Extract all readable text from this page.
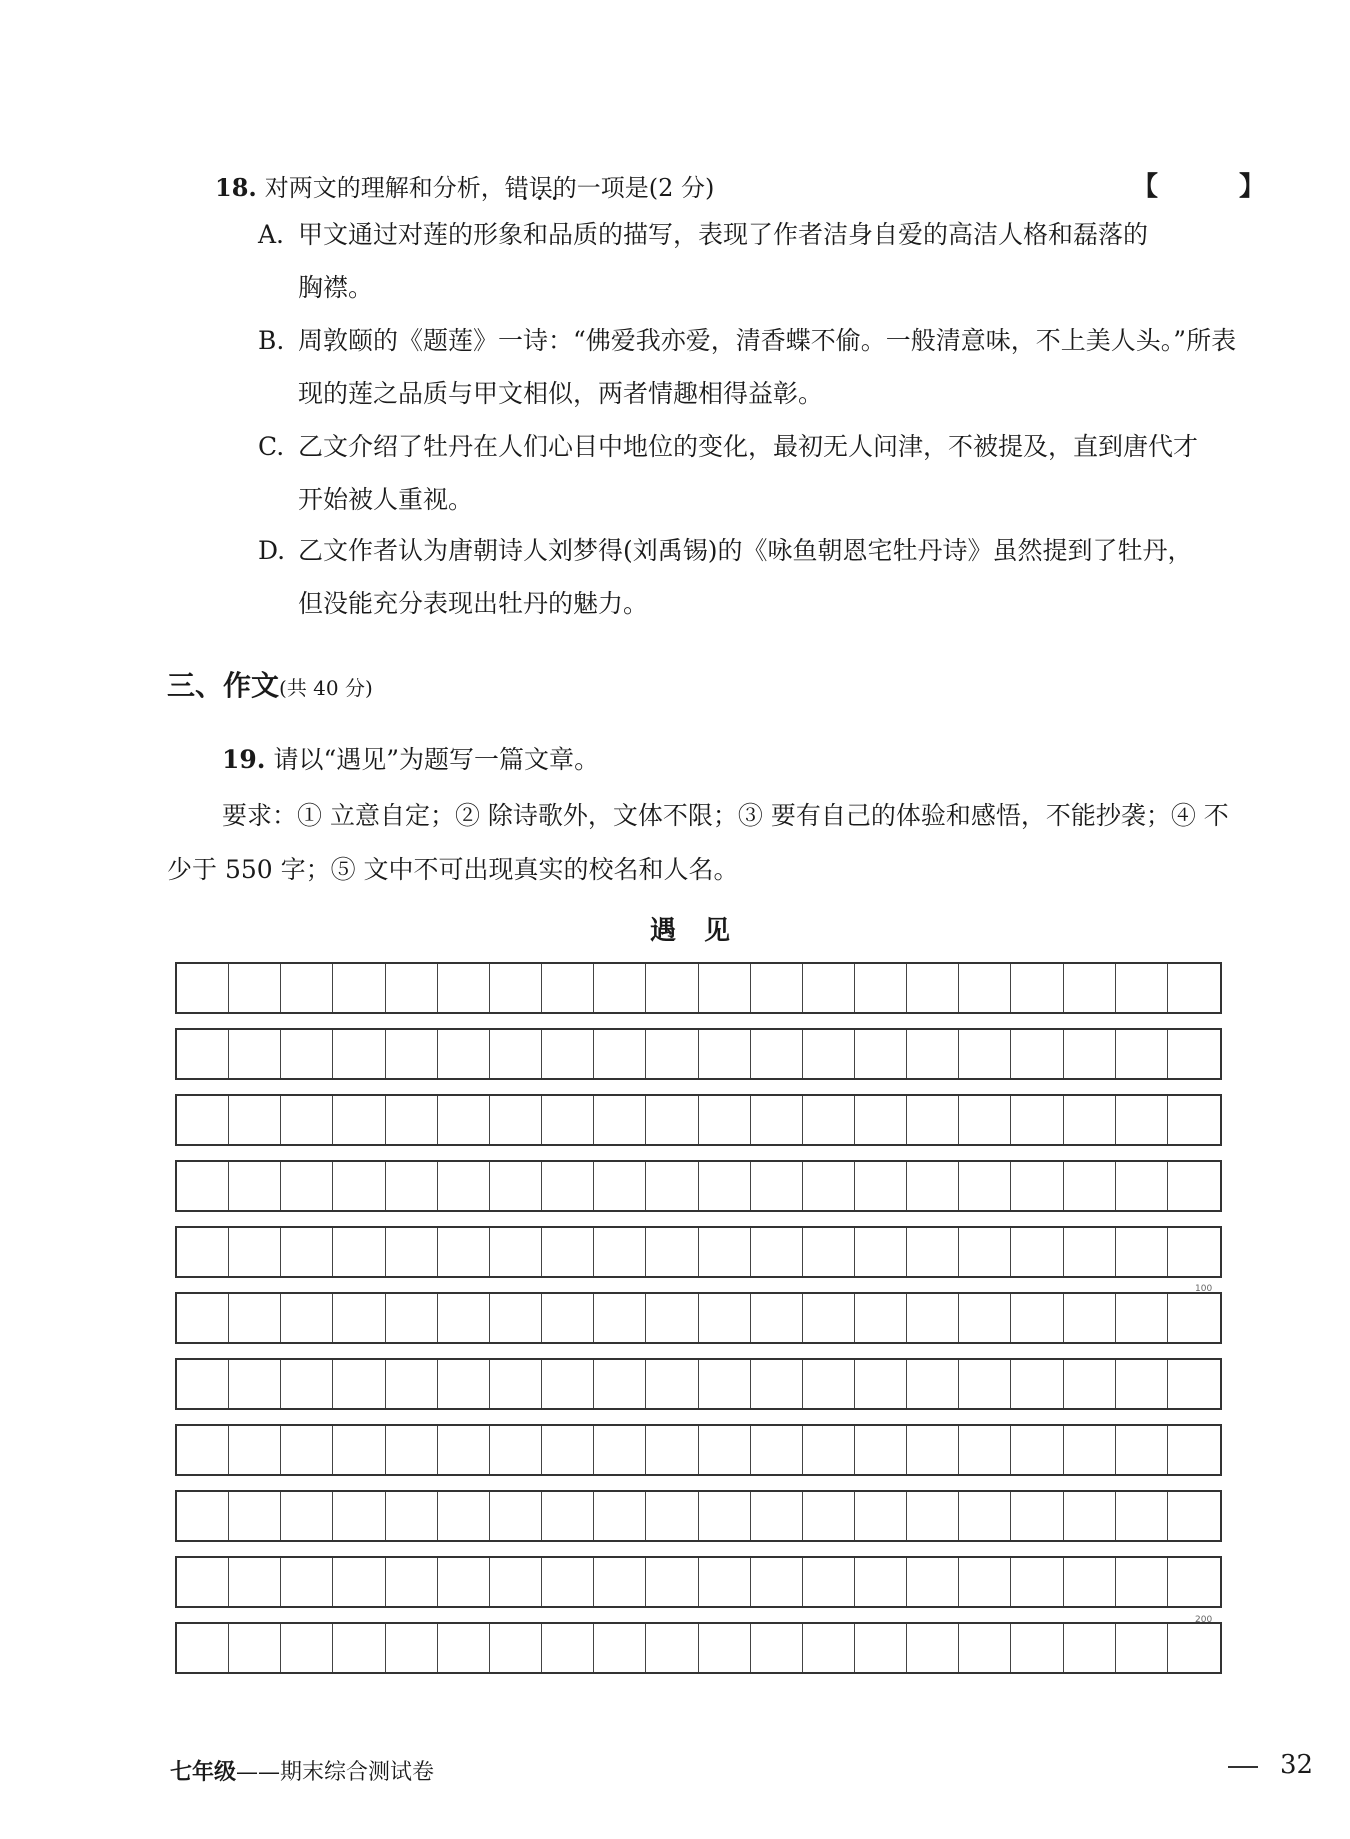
18. 对两文的理解和分析，错误的 • • •一项是(2 分)	【 】
A. 甲文通过对莲的形象和品质的描写，表现了作者洁身自爱的高洁人格和磊落的
胸襟。
B. 周敦颐的《题莲》一诗：“佛爱我亦爱，清香蝶不偷。一般清意味，不上美人头。”所表
现的莲之品质与甲文相似，两者情趣相得益彰。
C. 乙文介绍了牡丹在人们心目中地位的变化，最初无人问津，不被提及，直到唐代才
开始被人重视。
D. 乙文作者认为唐朝诗人刘梦得(刘禹锡)的《咏鱼朝恩宅牡丹诗》虽然提到了牡丹，
但没能充分表现出牡丹的魅力。
三、作文(共 40 分)
19. 请以“遇见”为题写一篇文章。
要求：① 立意自定；② 除诗歌外，文体不限；③ 要有自己的体验和感悟，不能抄袭；④ 不
少于 550 字；⑤ 文中不可出现真实的校名和人名。
遇见
100
200
七年级——期末综合测试卷	32
